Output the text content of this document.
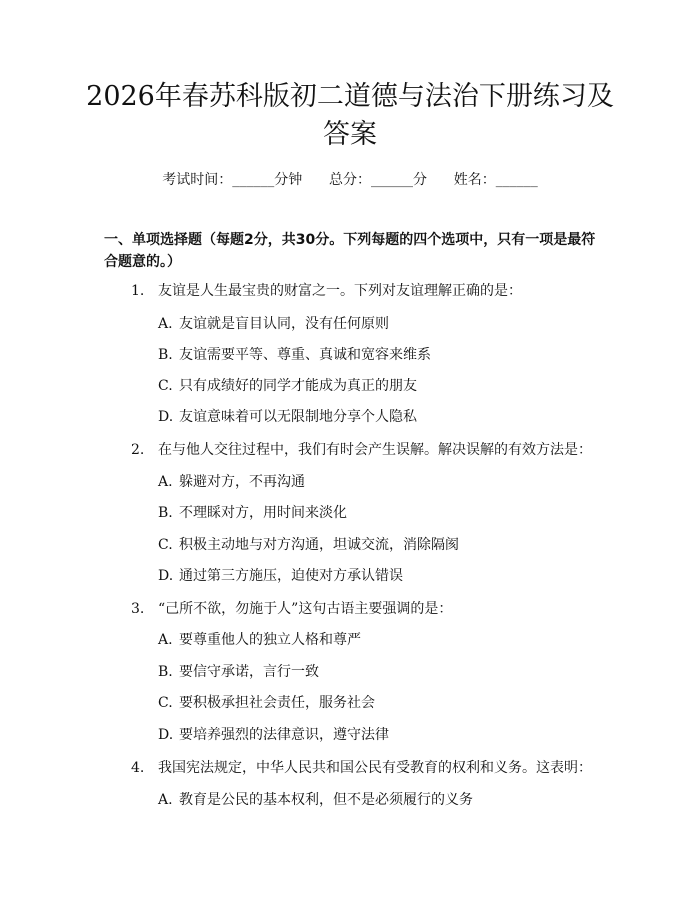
2026年春苏科版初二道德与法治下册练习及答案
考试时间：______分钟      总分：______分      姓名：______
一、单项选择题（每题2分，共30分。下列每题的四个选项中，只有一项是最符合题意的。）
1. 友谊是人生最宝贵的财富之一。下列对友谊理解正确的是：
A. 友谊就是盲目认同，没有任何原则
B. 友谊需要平等、尊重、真诚和宽容来维系
C. 只有成绩好的同学才能成为真正的朋友
D. 友谊意味着可以无限制地分享个人隐私
2. 在与他人交往过程中，我们有时会产生误解。解决误解的有效方法是：
A. 躲避对方，不再沟通
B. 不理睬对方，用时间来淡化
C. 积极主动地与对方沟通，坦诚交流，消除隔阂
D. 通过第三方施压，迫使对方承认错误
3. “己所不欲，勿施于人”这句古语主要强调的是：
A. 要尊重他人的独立人格和尊严
B. 要信守承诺，言行一致
C. 要积极承担社会责任，服务社会
D. 要培养强烈的法律意识，遵守法律
4. 我国宪法规定，中华人民共和国公民有受教育的权利和义务。这表明：
A. 教育是公民的基本权利，但不是必须履行的义务
